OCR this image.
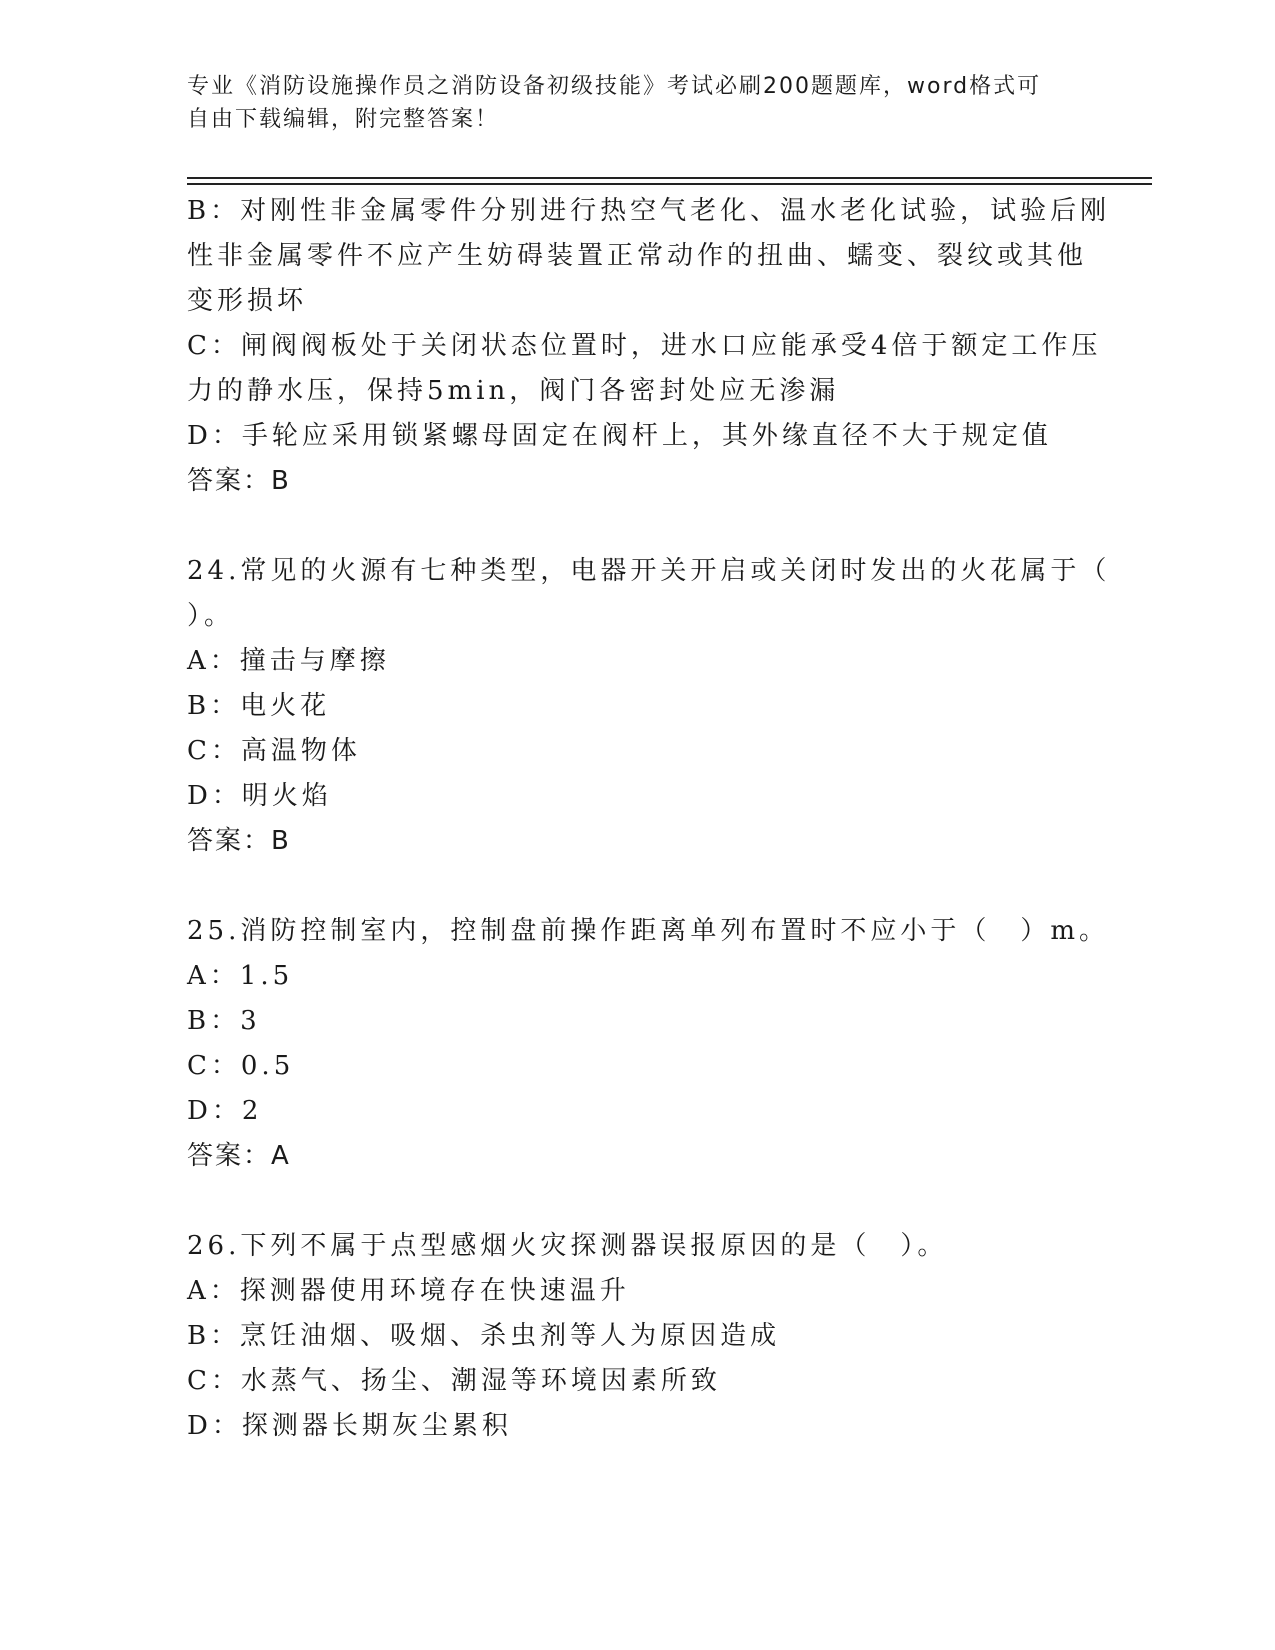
专业《消防设施操作员之消防设备初级技能》考试必刷200题题库，word格式可
自由下载编辑，附完整答案！

B：对刚性非金属零件分别进行热空气老化、温水老化试验，试验后刚

性非金属零件不应产生妨碍装置正常动作的扭曲、蠕变、裂纹或其他

变形损坏

C：闸阀阀板处于关闭状态位置时，进水口应能承受4倍于额定工作压

力的静水压，保持5min，阀门各密封处应无渗漏

D：手轮应采用锁紧螺母固定在阀杆上，其外缘直径不大于规定值

答案：B

24.常见的火源有七种类型，电器开关开启或关闭时发出的火花属于（

）。

A：撞击与摩擦

B：电火花

C：高温物体

D：明火焰

答案：B

25.消防控制室内，控制盘前操作距离单列布置时不应小于（　）m。

A：1.5

B：3

C：0.5

D：2

答案：A

26.下列不属于点型感烟火灾探测器误报原因的是（　）。

A：探测器使用环境存在快速温升

B：烹饪油烟、吸烟、杀虫剂等人为原因造成

C：水蒸气、扬尘、潮湿等环境因素所致

D：探测器长期灰尘累积
